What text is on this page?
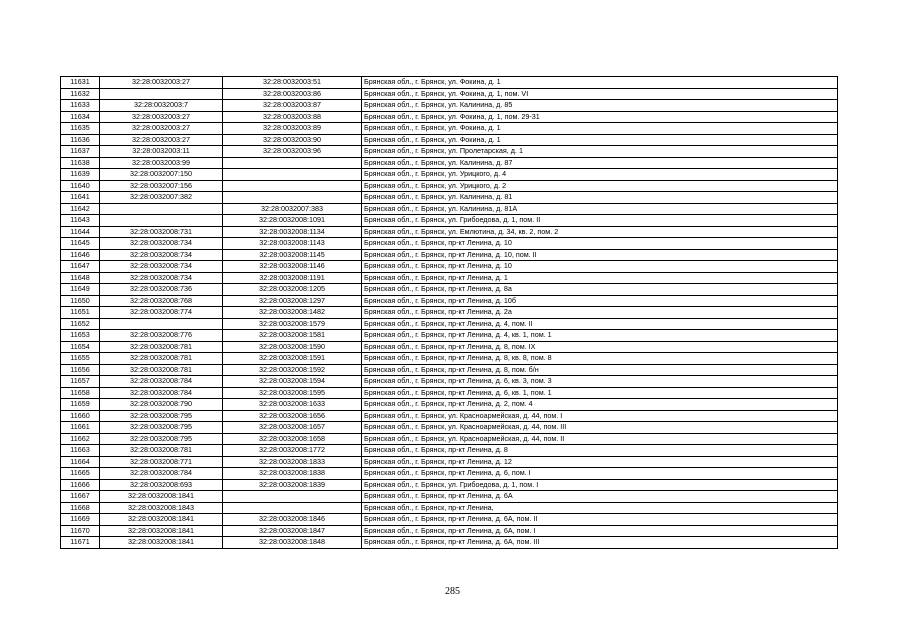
11631	32:28:0032003:27	32:28:0032003:51	Брянская обл., г. Брянск, ул. Фокина, д. 1
11632		32:28:0032003:86	Брянская обл., г. Брянск, ул. Фокина, д. 1, пом. VI
11633	32:28:0032003:7	32:28:0032003:87	Брянская обл., г. Брянск, ул. Калинина, д. 85
11634	32:28:0032003:27	32:28:0032003:88	Брянская обл., г. Брянск, ул. Фокина, д. 1, пом. 29-31
11635	32:28:0032003:27	32:28:0032003:89	Брянская обл., г. Брянск, ул. Фокина, д. 1
11636	32:28:0032003:27	32:28:0032003:90	Брянская обл., г. Брянск, ул. Фокина, д. 1
11637	32:28:0032003:11	32:28:0032003:96	Брянская обл., г. Брянск, ул. Пролетарская, д. 1
11638	32:28:0032003:99		Брянская обл., г. Брянск, ул. Калинина, д. 87
11639	32:28:0032007:150		Брянская обл., г. Брянск, ул. Урицкого, д. 4
11640	32:28:0032007:156		Брянская обл., г. Брянск, ул. Урицкого, д. 2
11641	32:28:0032007:382		Брянская обл., г. Брянск, ул. Калинина, д. 81
11642		32:28:0032007:383	Брянская обл., г. Брянск, ул. Калинина, д. 81А
11643		32:28:0032008:1091	Брянская обл., г. Брянск, ул. Грибоедова, д. 1, пом. II
11644	32:28:0032008:731	32:28:0032008:1134	Брянская обл., г. Брянск, ул. Емлютина, д. 34, кв. 2, пом. 2
11645	32:28:0032008:734	32:28:0032008:1143	Брянская обл., г. Брянск, пр-кт Ленина, д. 10
11646	32:28:0032008:734	32:28:0032008:1145	Брянская обл., г. Брянск, пр-кт Ленина, д. 10, пом. II
11647	32:28:0032008:734	32:28:0032008:1146	Брянская обл., г. Брянск, пр-кт Ленина, д. 10
11648	32:28:0032008:734	32:28:0032008:1191	Брянская обл., г. Брянск, пр-кт Ленина, д. 1
11649	32:28:0032008:736	32:28:0032008:1205	Брянская обл., г. Брянск, пр-кт Ленина, д. 8а
11650	32:28:0032008:768	32:28:0032008:1297	Брянская обл., г. Брянск, пр-кт Ленина, д. 10б
11651	32:28:0032008:774	32:28:0032008:1482	Брянская обл., г. Брянск, пр-кт Ленина, д. 2а
11652		32:28:0032008:1579	Брянская обл., г. Брянск, пр-кт Ленина, д. 4, пом. II
11653	32:28:0032008:776	32:28:0032008:1581	Брянская обл., г. Брянск, пр-кт Ленина, д. 4, кв. 1, пом. 1
11654	32:28:0032008:781	32:28:0032008:1590	Брянская обл., г. Брянск, пр-кт Ленина, д. 8, пом. IX
11655	32:28:0032008:781	32:28:0032008:1591	Брянская обл., г. Брянск, пр-кт Ленина, д. 8, кв. 8, пом. 8
11656	32:28:0032008:781	32:28:0032008:1592	Брянская обл., г. Брянск, пр-кт Ленина, д. 8, пом. б/н
11657	32:28:0032008:784	32:28:0032008:1594	Брянская обл., г. Брянск, пр-кт Ленина, д. 6, кв. 3, пом. 3
11658	32:28:0032008:784	32:28:0032008:1595	Брянская обл., г. Брянск, пр-кт Ленина, д. 6, кв. 1, пом. 1
11659	32:28:0032008:790	32:28:0032008:1633	Брянская обл., г. Брянск, пр-кт Ленина, д. 2, пом. 4
11660	32:28:0032008:795	32:28:0032008:1656	Брянская обл., г. Брянск, ул. Красноармейская, д. 44, пом. I
11661	32:28:0032008:795	32:28:0032008:1657	Брянская обл., г. Брянск, ул. Красноармейская, д. 44, пом. III
11662	32:28:0032008:795	32:28:0032008:1658	Брянская обл., г. Брянск, ул. Красноармейская, д. 44, пом. II
11663	32:28:0032008:781	32:28:0032008:1772	Брянская обл., г. Брянск, пр-кт Ленина, д. 8
11664	32:28:0032008:771	32:28:0032008:1833	Брянская обл., г. Брянск, пр-кт Ленина, д. 12
11665	32:28:0032008:784	32:28:0032008:1838	Брянская обл., г. Брянск, пр-кт Ленина, д. 6, пом. I
11666	32:28:0032008:693	32:28:0032008:1839	Брянская обл., г. Брянск, ул. Грибоедова, д. 1, пом. I
11667	32:28:0032008:1841		Брянская обл., г. Брянск, пр-кт Ленина, д. 6А
11668	32:28:0032008:1843		Брянская обл., г. Брянск, пр-кт Ленина,
11669	32:28:0032008:1841	32:28:0032008:1846	Брянская обл., г. Брянск, пр-кт Ленина, д. 6А, пом. II
11670	32:28:0032008:1841	32:28:0032008:1847	Брянская обл., г. Брянск, пр-кт Ленина, д. 6А, пом. I
11671	32:28:0032008:1841	32:28:0032008:1848	Брянская обл., г. Брянск, пр-кт Ленина, д. 6А, пом. III
285
